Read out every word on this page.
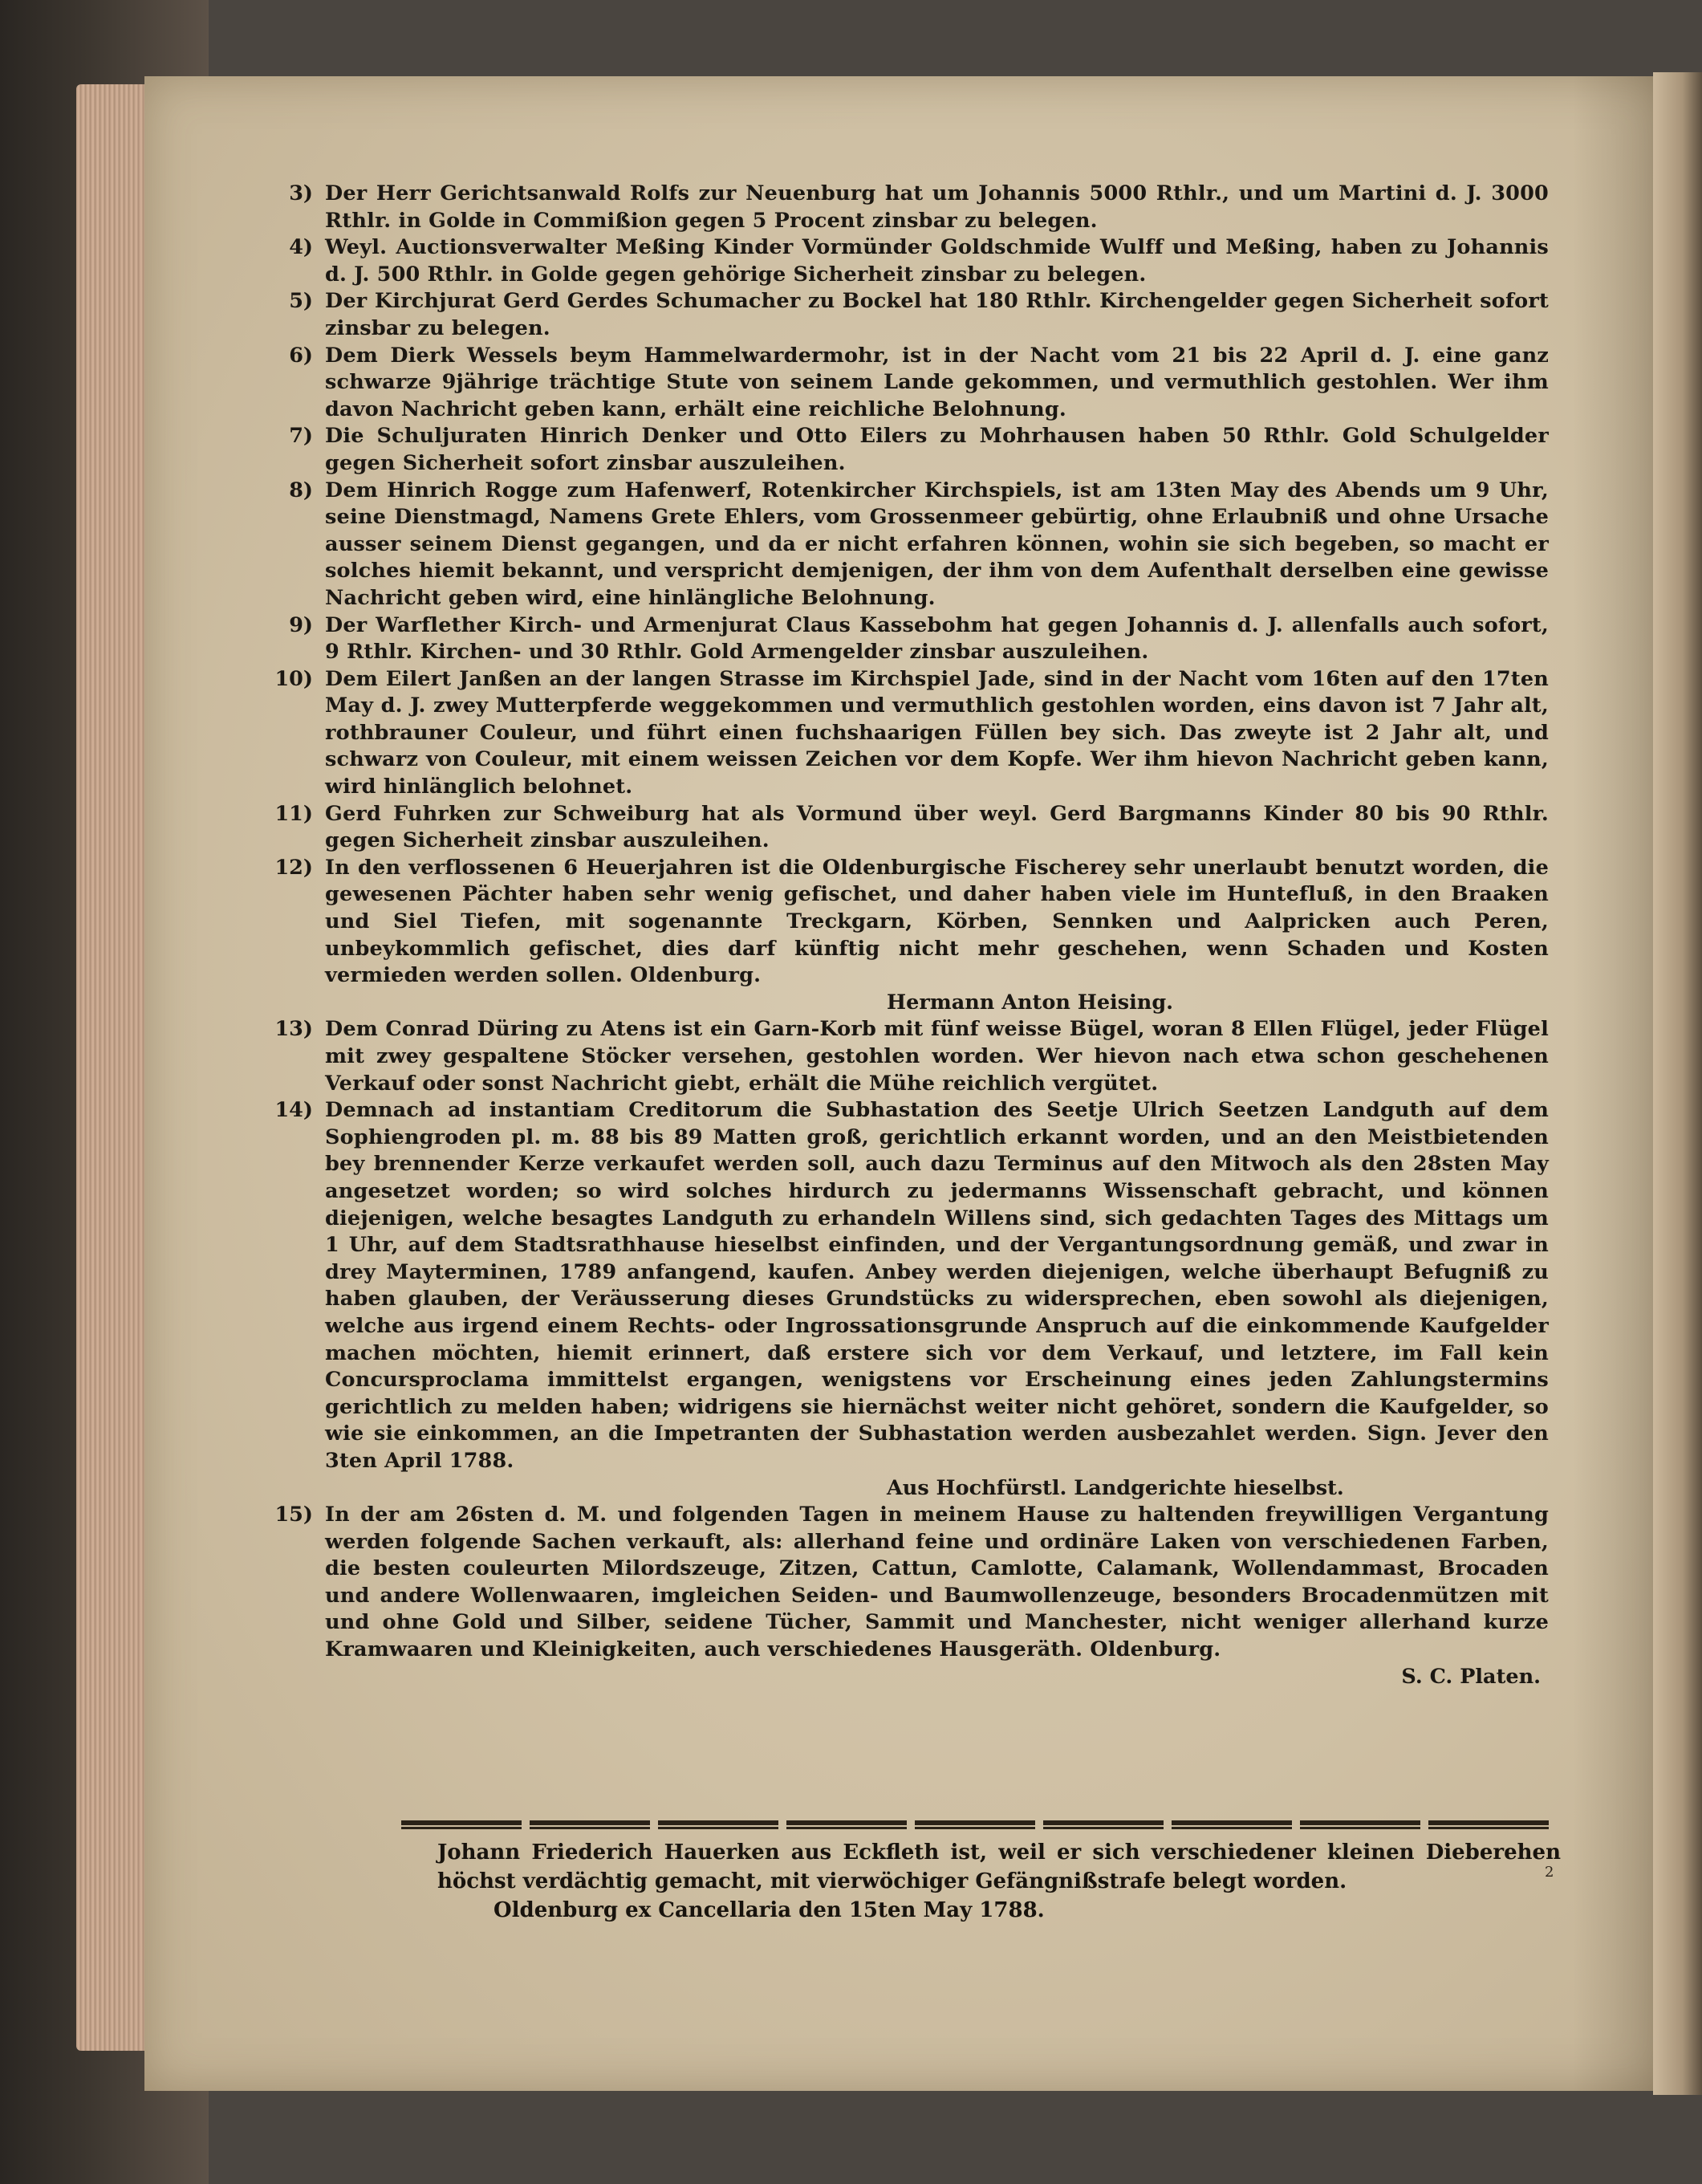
3) Der Herr Gerichtsanwald Rolfs zur Neuenburg hat um Johannis 5000 Rthlr., und um Martini d. J. 3000 Rthlr. in Golde in Commißion gegen 5 Procent zinsbar zu belegen.
4) Weyl. Auctionsverwalter Meßing Kinder Vormünder Goldschmide Wulff und Meßing, haben zu Johannis d. J. 500 Rthlr. in Golde gegen gehörige Sicherheit zinsbar zu belegen.
5) Der Kirchjurat Gerd Gerdes Schumacher zu Bockel hat 180 Rthlr. Kirchengelder gegen Sicherheit sofort zinsbar zu belegen.
6) Dem Dierk Wessels beym Hammelwardermohr, ist in der Nacht vom 21 bis 22 April d. J. eine ganz schwarze 9jährige trächtige Stute von seinem Lande gekommen, und vermuthlich gestohlen. Wer ihm davon Nachricht geben kann, erhält eine reichliche Belohnung.
7) Die Schuljuraten Hinrich Denker und Otto Eilers zu Mohrhausen haben 50 Rthlr. Gold Schulgelder gegen Sicherheit sofort zinsbar auszuleihen.
8) Dem Hinrich Rogge zum Hafenwerf, Rotenkircher Kirchspiels, ist am 13ten May des Abends um 9 Uhr, seine Dienstmagd, Namens Grete Ehlers, vom Grossenmeer gebürtig, ohne Erlaubniß und ohne Ursache ausser seinem Dienst gegangen, und da er nicht erfahren können, wohin sie sich begeben, so macht er solches hiemit bekannt, und verspricht demjenigen, der ihm von dem Aufenthalt derselben eine gewisse Nachricht geben wird, eine hinlängliche Belohnung.
9) Der Warflether Kirch- und Armenjurat Claus Kassebohm hat gegen Johannis d. J. allenfalls auch sofort, 9 Rthlr. Kirchen- und 30 Rthlr. Gold Armengelder zinsbar auszuleihen.
10) Dem Eilert Janßen an der langen Strasse im Kirchspiel Jade, sind in der Nacht vom 16ten auf den 17ten May d. J. zwey Mutterpferde weggekommen und vermuthlich gestohlen worden, eins davon ist 7 Jahr alt, rothbrauner Couleur, und führt einen fuchshaarigen Füllen bey sich. Das zweyte ist 2 Jahr alt, und schwarz von Couleur, mit einem weissen Zeichen vor dem Kopfe. Wer ihm hievon Nachricht geben kann, wird hinlänglich belohnet.
11) Gerd Fuhrken zur Schweiburg hat als Vormund über weyl. Gerd Bargmanns Kinder 80 bis 90 Rthlr. gegen Sicherheit zinsbar auszuleihen.
12) In den verflossenen 6 Heuerjahren ist die Oldenburgische Fischerey sehr unerlaubt benutzt worden, die gewesenen Pächter haben sehr wenig gefischet, und daher haben viele im Huntefluß, in den Braaken und Siel Tiefen, mit sogenannte Treckgarn, Körben, Sennken und Aalpricken auch Peren, unbeykommlich gefischet, dies darf künftig nicht mehr geschehen, wenn Schaden und Kosten vermieden werden sollen. Oldenburg.
Hermann Anton Heising.
13) Dem Conrad Düring zu Atens ist ein Garn-Korb mit fünf weisse Bügel, woran 8 Ellen Flügel, jeder Flügel mit zwey gespaltene Stöcker versehen, gestohlen worden. Wer hievon nach etwa schon geschehenen Verkauf oder sonst Nachricht giebt, erhält die Mühe reichlich vergütet.
14) Demnach ad instantiam Creditorum die Subhastation des Seetje Ulrich Seetzen Landguth auf dem Sophiengroden pl. m. 88 bis 89 Matten groß, gerichtlich erkannt worden, und an den Meistbietenden bey brennender Kerze verkaufet werden soll, auch dazu Terminus auf den Mitwoch als den 28sten May angesetzet worden; so wird solches hirdurch zu jedermanns Wissenschaft gebracht, und können diejenigen, welche besagtes Landguth zu erhandeln Willens sind, sich gedachten Tages des Mittags um 1 Uhr, auf dem Stadtsrathhause hieselbst einfinden, und der Vergantungsordnung gemäß, und zwar in drey Mayterminen, 1789 anfangend, kaufen. Anbey werden diejenigen, welche überhaupt Befugniß zu haben glauben, der Veräusserung dieses Grundstücks zu widersprechen, eben sowohl als diejenigen, welche aus irgend einem Rechts- oder Ingrossationsgrunde Anspruch auf die einkommende Kaufgelder machen möchten, hiemit erinnert, daß erstere sich vor dem Verkauf, und letztere, im Fall kein Concursproclama immittelst ergangen, wenigstens vor Erscheinung eines jeden Zahlungstermins gerichtlich zu melden haben; widrigens sie hiernächst weiter nicht gehöret, sondern die Kaufgelder, so wie sie einkommen, an die Impetranten der Subhastation werden ausbezahlet werden. Sign. Jever den 3ten April 1788.
Aus Hochfürstl. Landgerichte hieselbst.
15) In der am 26sten d. M. und folgenden Tagen in meinem Hause zu haltenden freywilligen Vergantung werden folgende Sachen verkauft, als: allerhand feine und ordinäre Laken von verschiedenen Farben, die besten couleurten Milordszeuge, Zitzen, Cattun, Camlotte, Calamank, Wollendammast, Brocaden und andere Wollenwaaren, imgleichen Seiden- und Baumwollenzeuge, besonders Brocadenmützen mit und ohne Gold und Silber, seidene Tücher, Sammit und Manchester, nicht weniger allerhand kurze Kramwaaren und Kleinigkeiten, auch verschiedenes Hausgeräth. Oldenburg.
S. C. Platen.
Johann Friederich Hauerken aus Eckfleth ist, weil er sich verschiedener kleinen Dieberehen höchst verdächtig gemacht, mit vierwöchiger Gefängnißstrafe belegt worden.
Oldenburg ex Cancellaria den 15ten May 1788.
2
